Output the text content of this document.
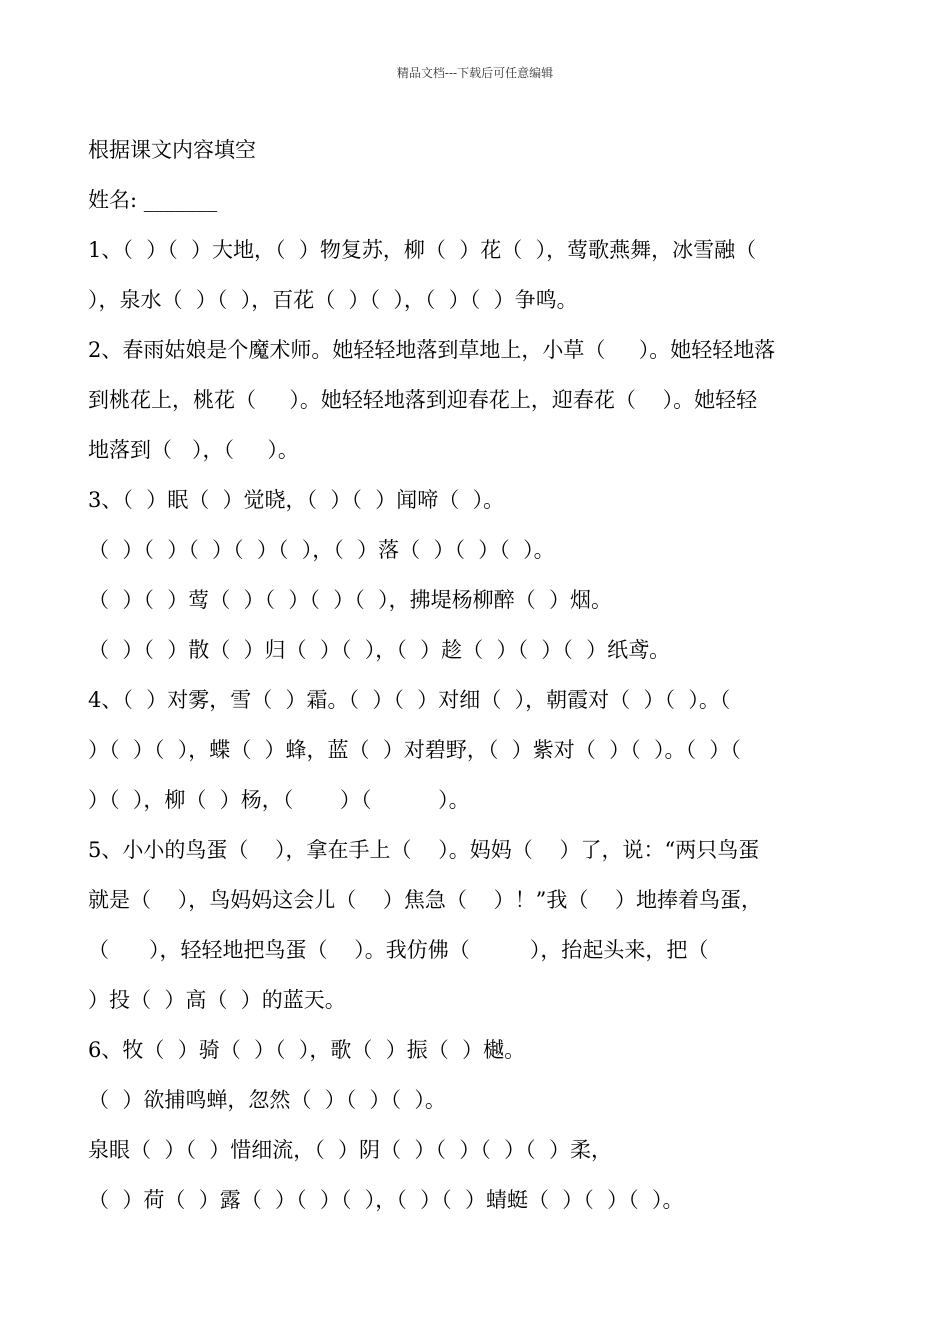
精品文档---下载后可任意编辑
根据课文内容填空
姓名: _______
1、（  ）（  ）大地，（  ）物复苏，柳（  ）花（  ），莺歌燕舞，冰雪融（
），泉水（  ）（  ），百花（  ）（  ），（  ）（  ）争鸣。
2、春雨姑娘是个魔术师。她轻轻地落到草地上，小草（     ）。她轻轻地落
到桃花上，桃花（     ）。她轻轻地落到迎春花上，迎春花（    ）。她轻轻
地落到（   ），（     ）。
3、（  ）眠（  ）觉晓，（  ）（  ）闻啼（  ）。
（  ）（  ）（  ）（  ）（  ），（  ）落（  ）（  ）（  ）。
（  ）（  ）莺（  ）（  ）（  ）（  ），拂堤杨柳醉（  ）烟。
（  ）（  ）散（  ）归（  ）（  ），（  ）趁（  ）（  ）（  ）纸鸢。
4、（  ）对雾，雪（  ）霜。（  ）（  ）对细（  ），朝霞对（  ）（  ）。（
）（  ）（  ），蝶（  ）蜂，蓝（  ）对碧野，（  ）紫对（  ）（  ）。（  ）（
）（  ），柳（  ）杨，（       ）（          ）。
5、小小的鸟蛋（    ），拿在手上（    ）。妈妈（    ）了，说：“两只鸟蛋
就是（    ），鸟妈妈这会儿（    ）焦急（    ）！”我（    ）地捧着鸟蛋，
（      ），轻轻地把鸟蛋（    ）。我仿佛（         ），抬起头来，把（
）投（  ）高（  ）的蓝天。
6、牧（  ）骑（  ）（  ），歌（  ）振（  ）樾。
（  ）欲捕鸣蝉，忽然（  ）（  ）（  ）。
泉眼（  ）（  ）惜细流，（  ）阴（  ）（  ）（  ）（  ）柔，
（  ）荷（  ）露（  ）（  ）（  ），（  ）（  ）蜻蜓（  ）（  ）（  ）。
